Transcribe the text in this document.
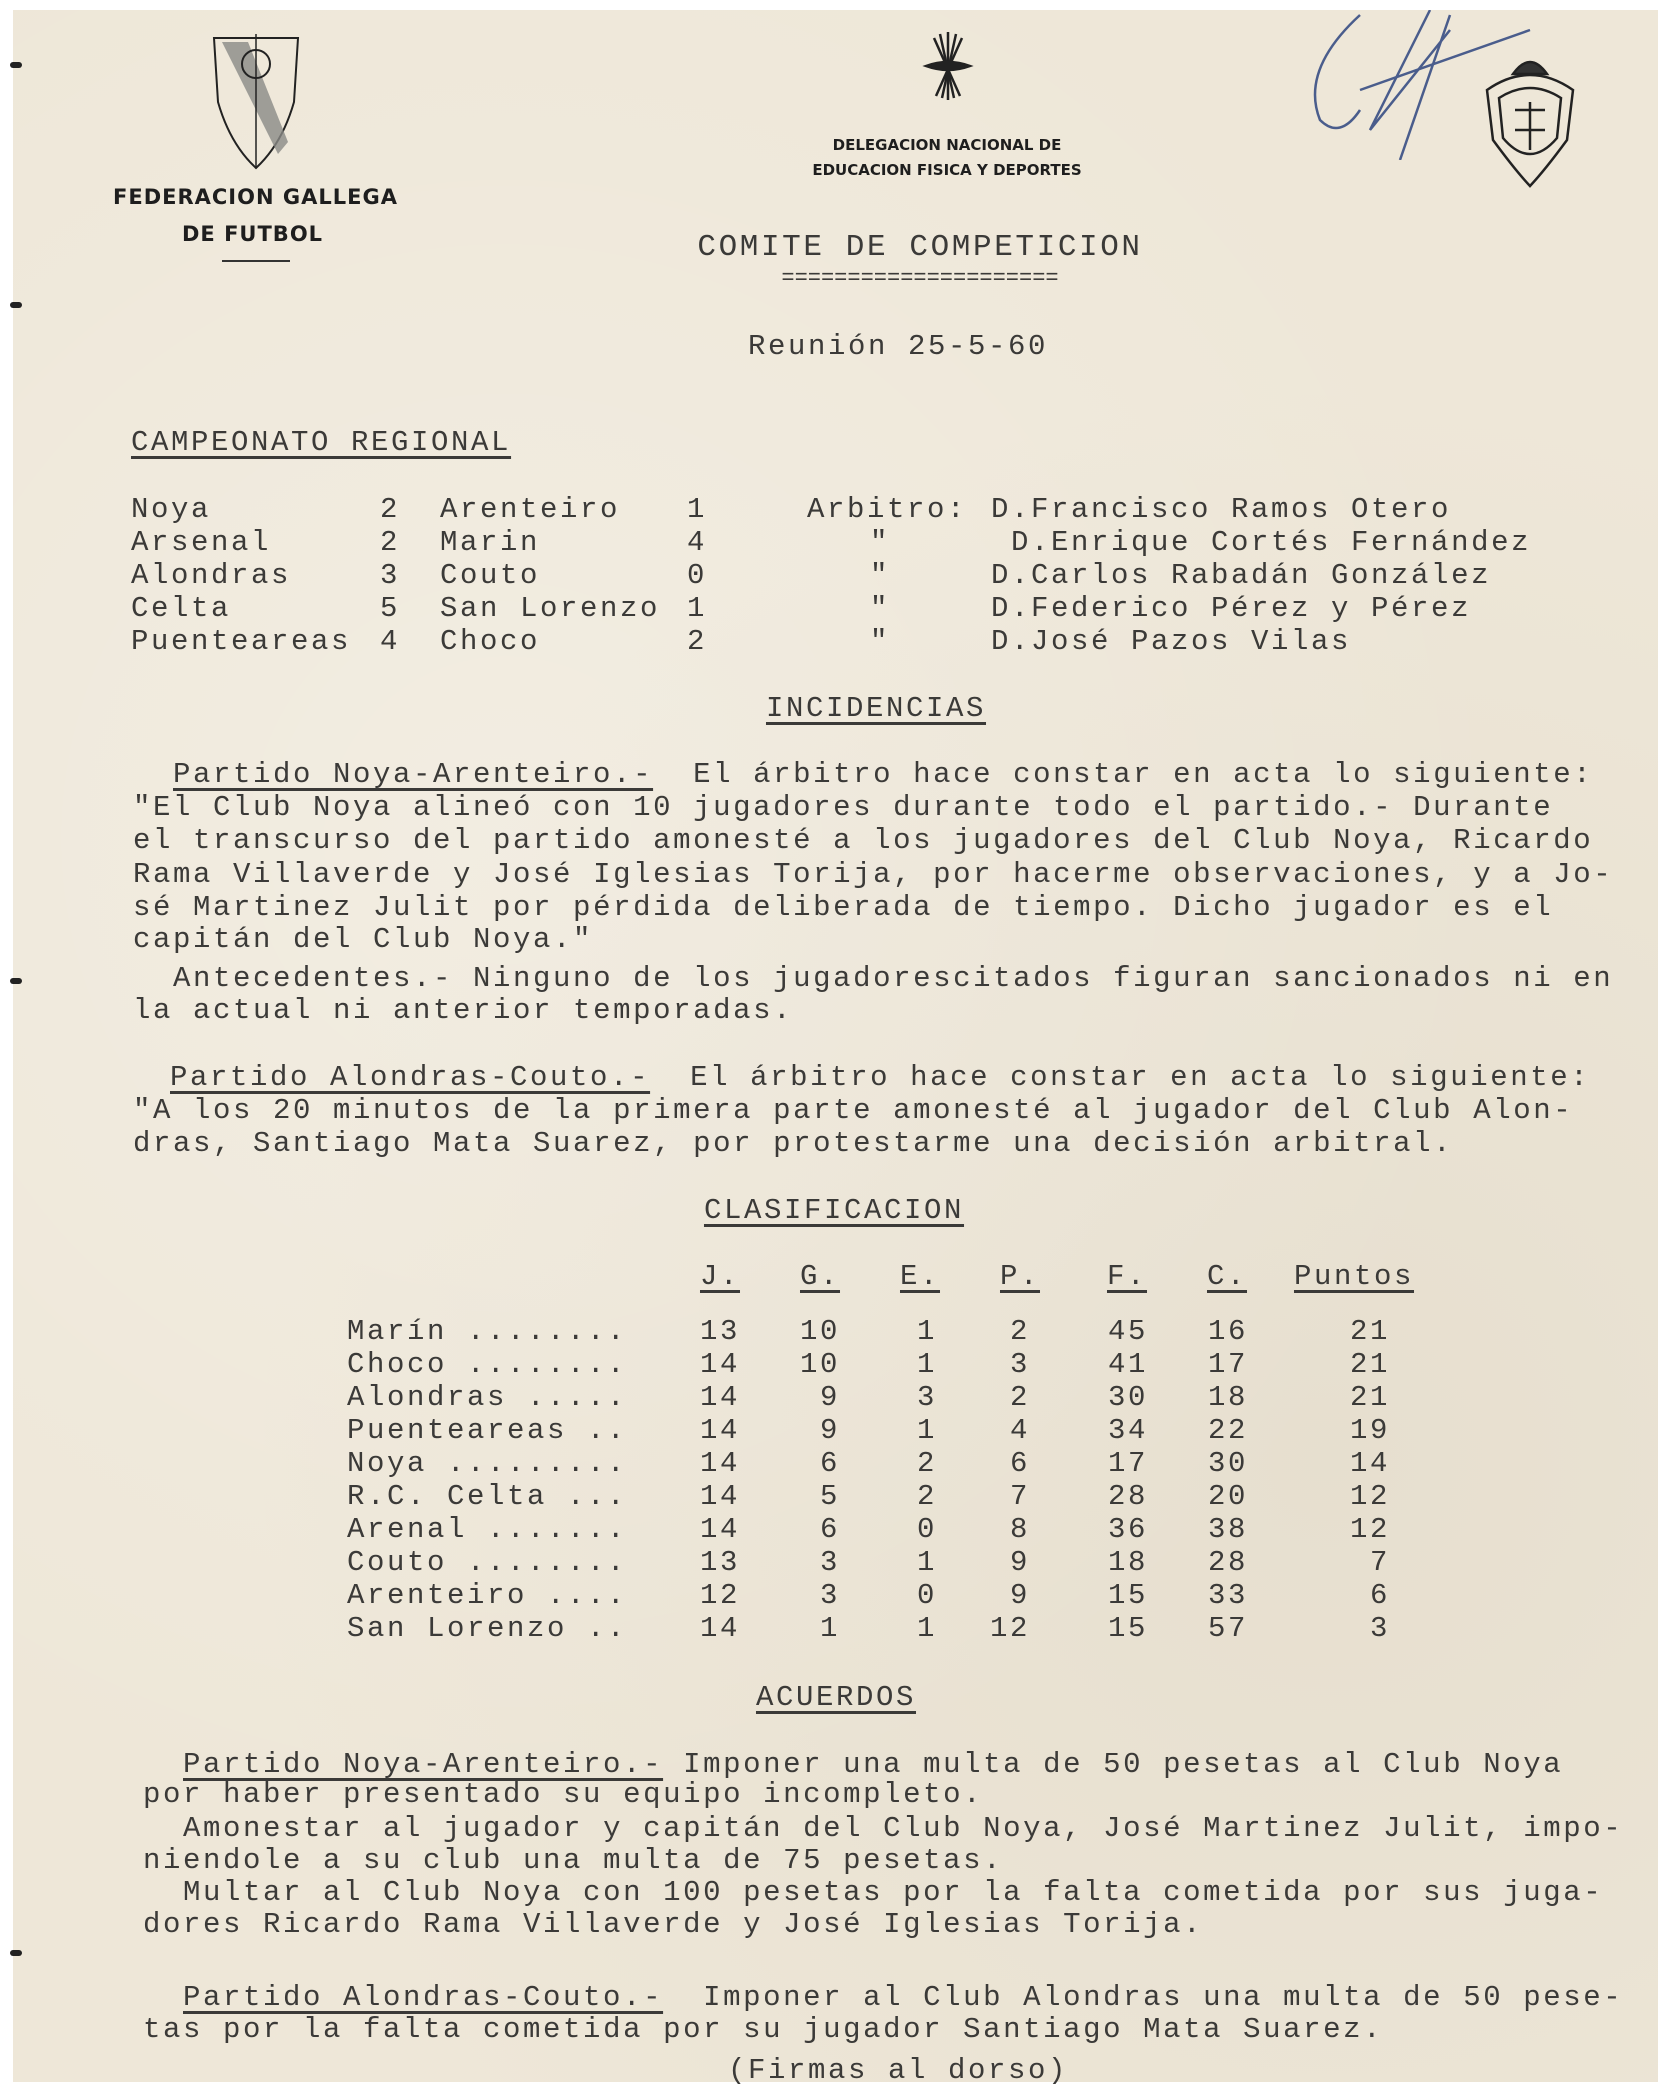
FEDERACION GALLEGA
DE FUTBOL
DELEGACION NACIONAL DE
EDUCACION FISICA Y DEPORTES
COMITE DE COMPETICION
=====================
Reunión 25-5-60
CAMPEONATO REGIONAL
Noya	2 Arenteiro 1	Arbitro: D.Francisco Ramos Otero
Arsenal	2 Marin	4	"	D.Enrique Cortés Fernández
Alondras	3 Couto	0	"	D.Carlos Rabadán González
Celta	5 San Lorenzo 1	"	D.Federico Pérez y Pérez
Puenteareas 4 Choco	2	"	D.José Pazos Vilas
INCIDENCIAS
Partido Noya-Arenteiro.-  El árbitro hace constar en acta lo siguiente:
"El Club Noya alineó con 10 jugadores durante todo el partido.- Durante
el transcurso del partido amonesté a los jugadores del Club Noya, Ricardo
Rama Villaverde y José Iglesias Torija, por hacerme observaciones, y a Jo-
sé Martinez Julit por pérdida deliberada de tiempo. Dicho jugador es el
capitán del Club Noya."
Antecedentes.- Ninguno de los jugadorescitados figuran sancionados ni en
la actual ni anterior temporadas.
Partido Alondras-Couto.-  El árbitro hace constar en acta lo siguiente:
"A los 20 minutos de la primera parte amonesté al jugador del Club Alon-
dras, Santiago Mata Suarez, por protestarme una decisión arbitral.
CLASIFICACION
J. G. E. P. F. C. Puntos
Marín ........	13 10	1	2	45 16	21
Choco ........	14 10	1	3	41 17	21
Alondras .....	14	9	3	2	30 18	21
Puenteareas ..	14	9	1	4	34 22	19
Noya .........	14	6	2	6	17 30	14
R.C. Celta ...	14	5	2	7	28 20	12
Arenal .......	14	6	0	8	36 38	12
Couto ........	13	3	1	9	18 28	7
Arenteiro ....	12	3	0	9	15 33	6
San Lorenzo ..	14	1	1 12	15 57	3
ACUERDOS
Partido Noya-Arenteiro.- Imponer una multa de 50 pesetas al Club Noya
por haber presentado su equipo incompleto.
Amonestar al jugador y capitán del Club Noya, José Martinez Julit, impo-
niendole a su club una multa de 75 pesetas.
Multar al Club Noya con 100 pesetas por la falta cometida por sus juga-
dores Ricardo Rama Villaverde y José Iglesias Torija.
Partido Alondras-Couto.-  Imponer al Club Alondras una multa de 50 pese-
tas por la falta cometida por su jugador Santiago Mata Suarez.
(Firmas al dorso)
